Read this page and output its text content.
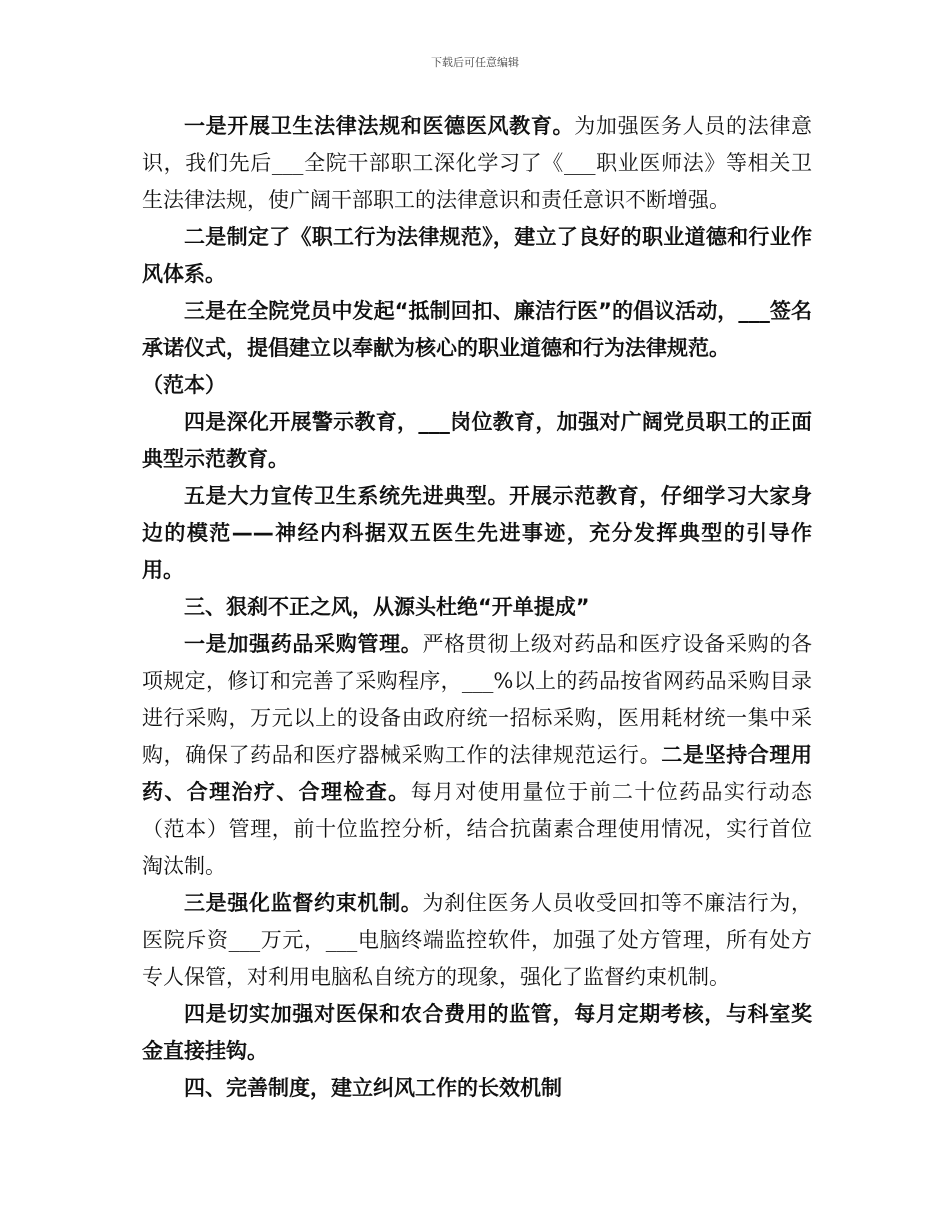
下载后可任意编辑

一是开展卫生法律法规和医德医风教育。为加强医务人员的法律意识，我们先后___全院干部职工深化学习了《___职业医师法》等相关卫生法律法规，使广阔干部职工的法律意识和责任意识不断增强。

二是制定了《职工行为法律规范》，建立了良好的职业道德和行业作风体系。

三是在全院党员中发起“抵制回扣、廉洁行医”的倡议活动，___签名承诺仪式，提倡建立以奉献为核心的职业道德和行为法律规范。

（范本）

四是深化开展警示教育，___岗位教育，加强对广阔党员职工的正面典型示范教育。

五是大力宣传卫生系统先进典型。开展示范教育，仔细学习大家身边的模范——神经内科据双五医生先进事迹，充分发挥典型的引导作用。

三、狠刹不正之风，从源头杜绝“开单提成”

一是加强药品采购管理。严格贯彻上级对药品和医疗设备采购的各项规定，修订和完善了采购程序，___%以上的药品按省网药品采购目录进行采购，万元以上的设备由政府统一招标采购，医用耗材统一集中采购，确保了药品和医疗器械采购工作的法律规范运行。二是坚持合理用药、合理治疗、合理检查。每月对使用量位于前二十位药品实行动态（范本）管理，前十位监控分析，结合抗菌素合理使用情况，实行首位淘汰制。

三是强化监督约束机制。为刹住医务人员收受回扣等不廉洁行为，医院斥资___万元，___电脑终端监控软件，加强了处方管理，所有处方专人保管，对利用电脑私自统方的现象，强化了监督约束机制。

四是切实加强对医保和农合费用的监管，每月定期考核，与科室奖金直接挂钩。

四、完善制度，建立纠风工作的长效机制
